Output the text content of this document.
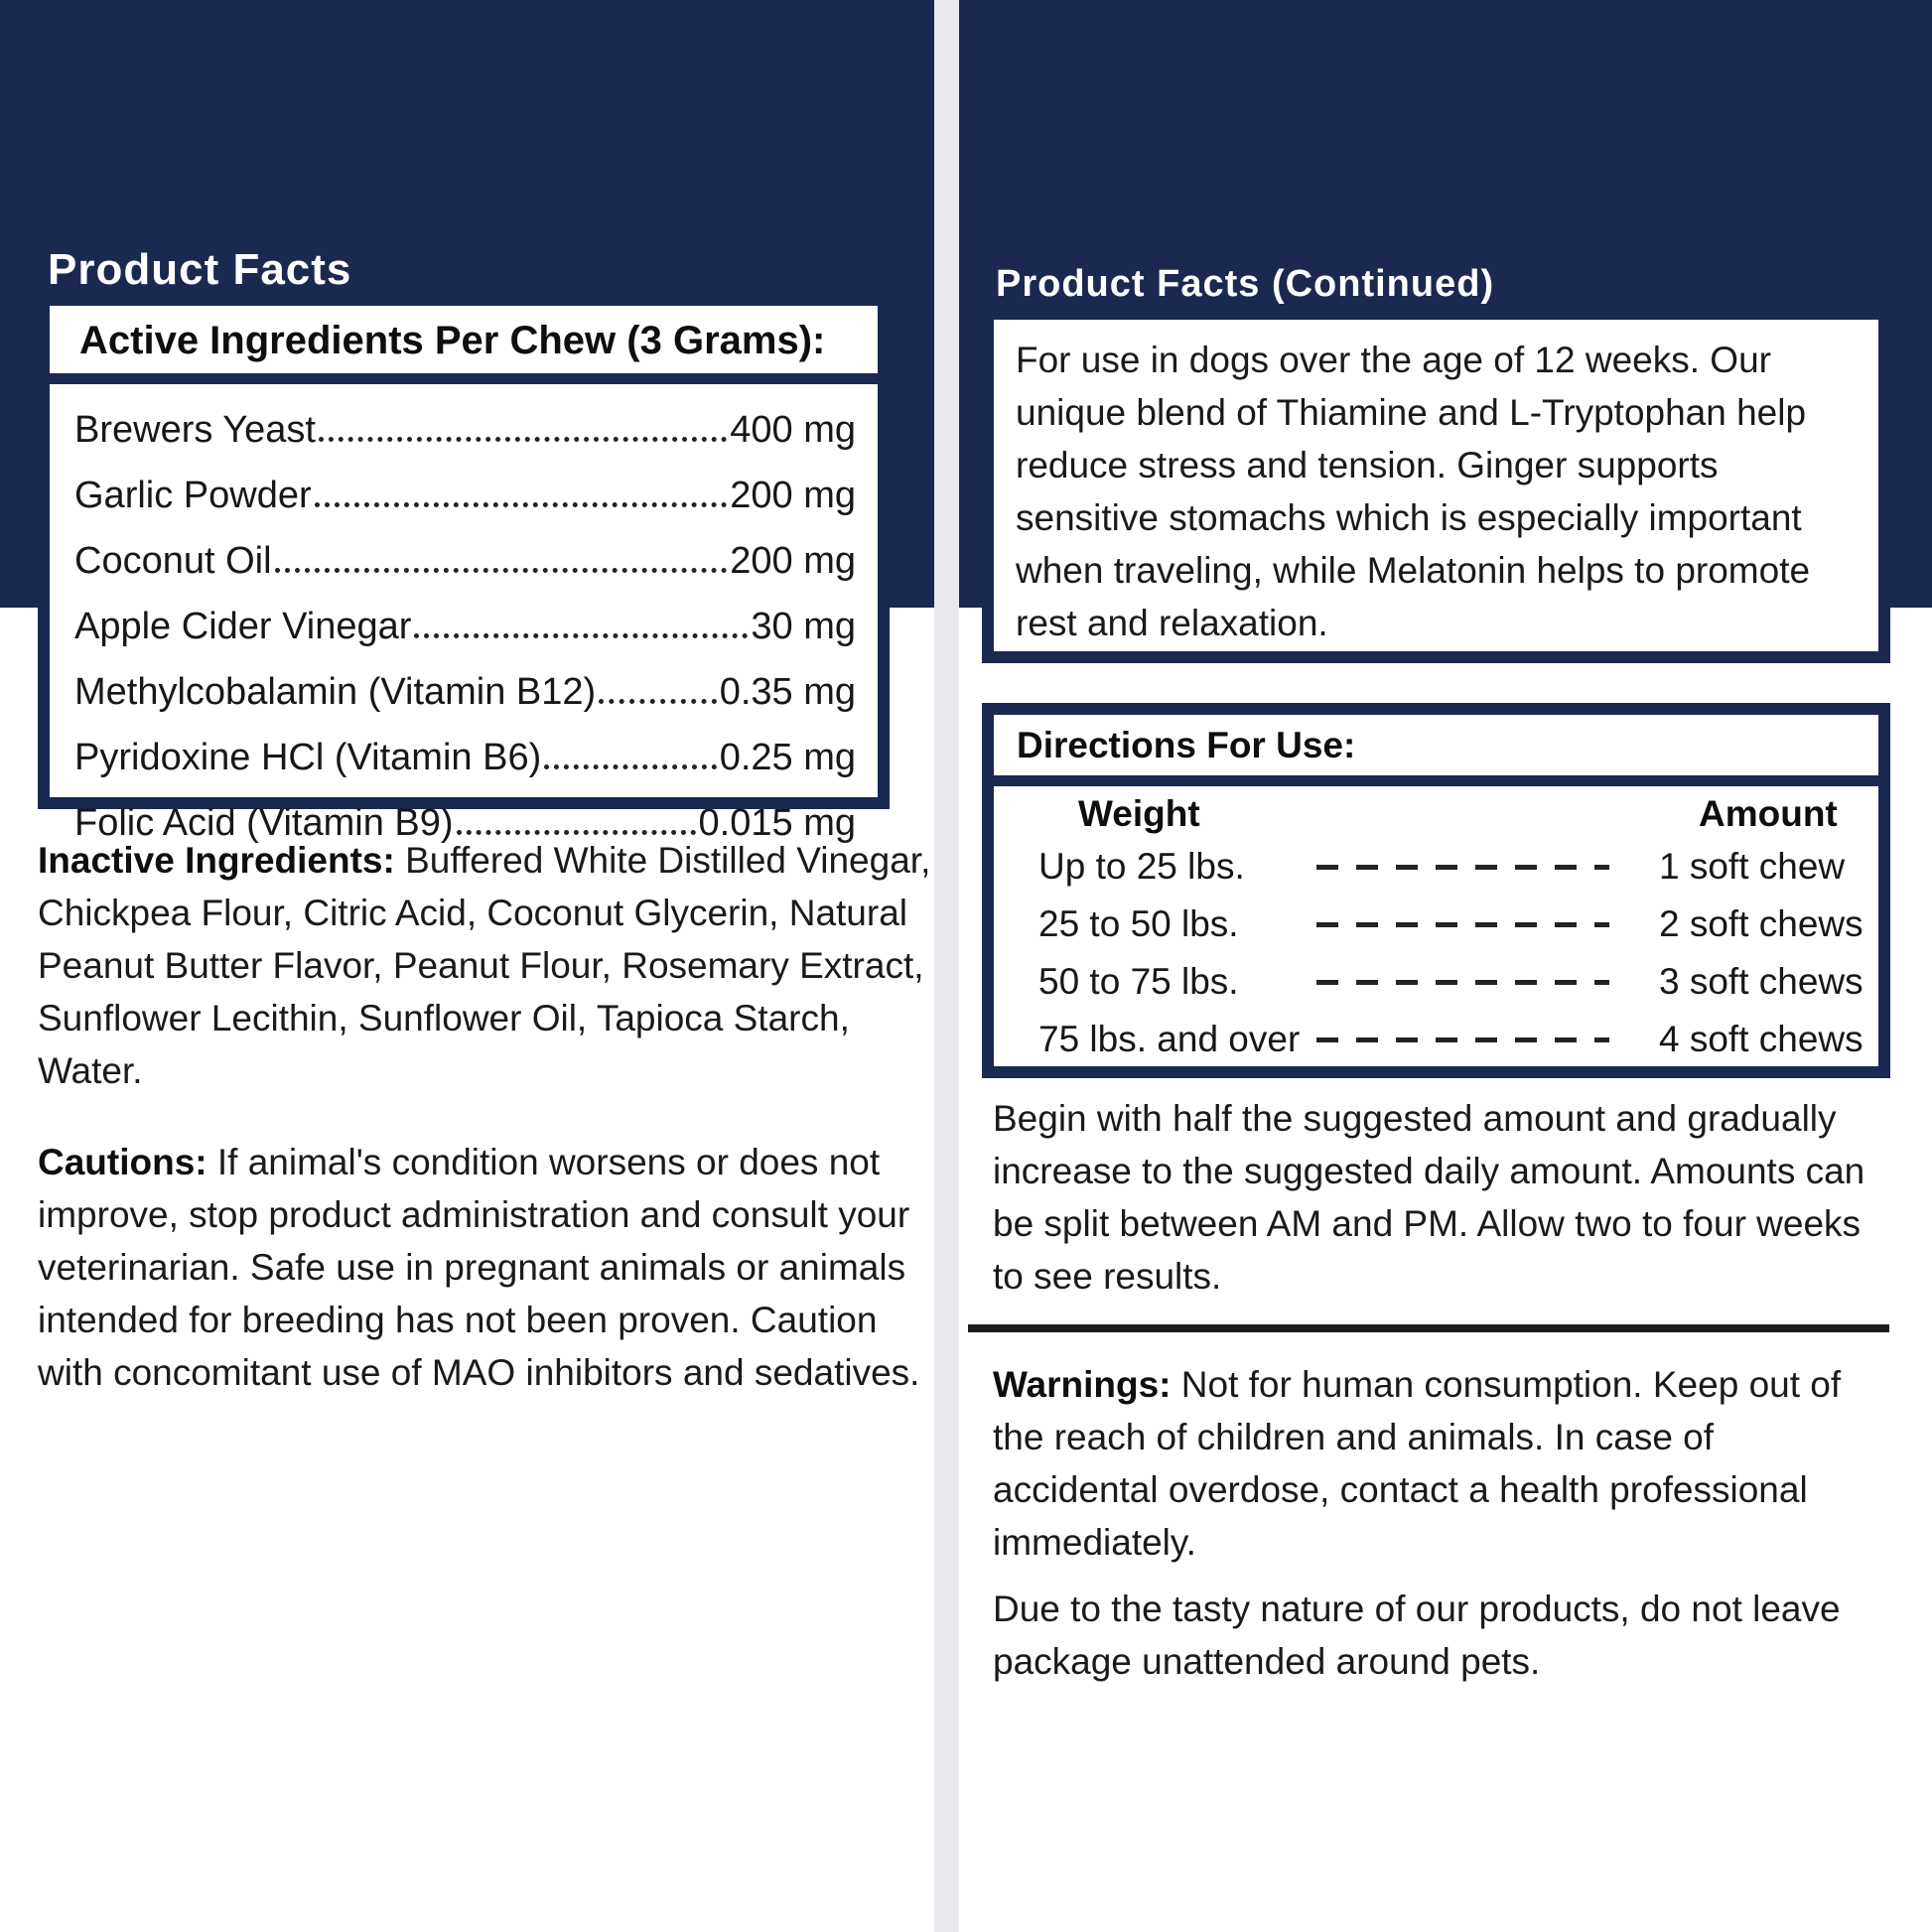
Product Facts
Active Ingredients Per Chew (3 Grams):
Brewers Yeast	400 mg
Garlic Powder	200 mg
Coconut Oil	200 mg
Apple Cider Vinegar	30 mg
Methylcobalamin (Vitamin B12)	0.35 mg
Pyridoxine HCl (Vitamin B6)	0.25 mg
Folic Acid (Vitamin B9)	0.015 mg

Inactive Ingredients: Buffered White Distilled Vinegar, Chickpea Flour, Citric Acid, Coconut Glycerin, Natural Peanut Butter Flavor, Peanut Flour, Rosemary Extract, Sunflower Lecithin, Sunflower Oil, Tapioca Starch, Water.

Cautions: If animal's condition worsens or does not improve, stop product administration and consult your veterinarian. Safe use in pregnant animals or animals intended for breeding has not been proven. Caution with concomitant use of MAO inhibitors and sedatives.

Product Facts (Continued)

For use in dogs over the age of 12 weeks. Our unique blend of Thiamine and L-Tryptophan help reduce stress and tension. Ginger supports sensitive stomachs which is especially important when traveling, while Melatonin helps to promote rest and relaxation.

Directions For Use:
Weight	Amount
Up to 25 lbs.	1 soft chew
25 to 50 lbs.	2 soft chews
50 to 75 lbs.	3 soft chews
75 lbs. and over	4 soft chews

Begin with half the suggested amount and gradually increase to the suggested daily amount. Amounts can be split between AM and PM. Allow two to four weeks to see results.

Warnings: Not for human consumption. Keep out of the reach of children and animals. In case of accidental overdose, contact a health professional immediately.

Due to the tasty nature of our products, do not leave package unattended around pets.
